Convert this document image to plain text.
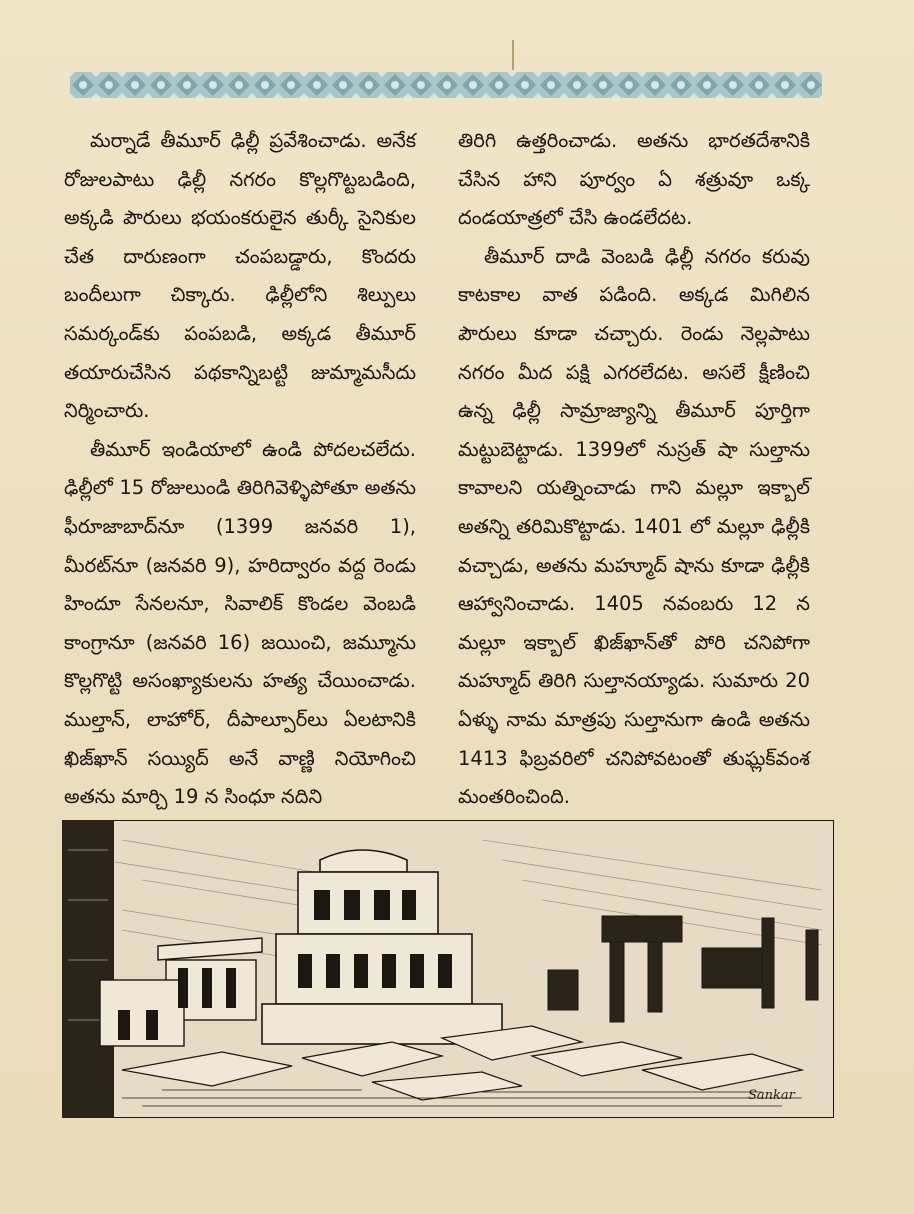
మర్నాడే తీమూర్ ఢిల్లీ ప్రవేశించాడు. అనేక రోజులపాటు ఢిల్లీ నగరం కొల్లగొట్టబడింది, అక్కడి పౌరులు భయంకరులైన తుర్కీ సైనికుల చేత దారుణంగా చంపబడ్డారు, కొందరు బందీలుగా చిక్కారు. ఢిల్లీలోని శిల్పులు సమర్కండ్‌కు పంపబడి, అక్కడ తీమూర్ తయారుచేసిన పథకాన్నిబట్టి జుమ్మామసీదు నిర్మించారు.

తీమూర్ ఇండియాలో ఉండి పోదలచలేదు. ఢిల్లీలో 15 రోజులుండి తిరిగివెళ్ళిపోతూ అతను ఫీరూజాబాద్‌నూ (1399 జనవరి 1), మీరట్‌నూ (జనవరి 9), హరిద్వారం వద్ద రెండు హిందూ సేనలనూ, సివాలిక్ కొండల వెంబడి కాంగ్రానూ (జనవరి 16) జయించి, జమ్మూను కొల్లగొట్టి అసంఖ్యాకులను హత్య చేయించాడు. ముల్తాన్, లాహోర్, దీపాల్పూర్‌లు ఏలటానికి ఖిజ్‌ఖాన్ సయ్యిద్ అనే వాణ్ణి నియోగించి అతను మార్చి 19 న సింధూ నదిని

తిరిగి ఉత్తరించాడు. అతను భారతదేశానికి చేసిన హాని పూర్వం ఏ శత్రువూ ఒక్క దండయాత్రలో చేసి ఉండలేదట.

తీమూర్ దాడి వెంబడి ఢిల్లీ నగరం కరువు కాటకాల వాత పడింది. అక్కడ మిగిలిన పౌరులు కూడా చచ్చారు. రెండు నెల్లపాటు నగరం మీద పక్షి ఎగరలేదట. అసలే క్షీణించి ఉన్న ఢిల్లీ సామ్రాజ్యాన్ని తీమూర్ పూర్తిగా మట్టుబెట్టాడు. 1399లో నుస్రత్ షా సుల్తాను కావాలని యత్నించాడు గాని మల్లూ ఇక్బాల్ అతన్ని తరిమికొట్టాడు. 1401 లో మల్లూ ఢిల్లీకి వచ్చాడు, అతను మహ్మూద్ షాను కూడా ఢిల్లీకి ఆహ్వానించాడు. 1405 నవంబరు 12 న మల్లూ ఇక్బాల్ ఖిజ్‌ఖాన్‌తో పోరి చనిపోగా మహ్మూద్ తిరిగి సుల్తానయ్యాడు. సుమారు 20 ఏళ్ళు నామ మాత్రపు సుల్తానుగా ఉండి అతను 1413 ఫిబ్రవరిలో చనిపోవటంతో తుఘ్లక్‌వంశ మంతరించింది.

Sankar
